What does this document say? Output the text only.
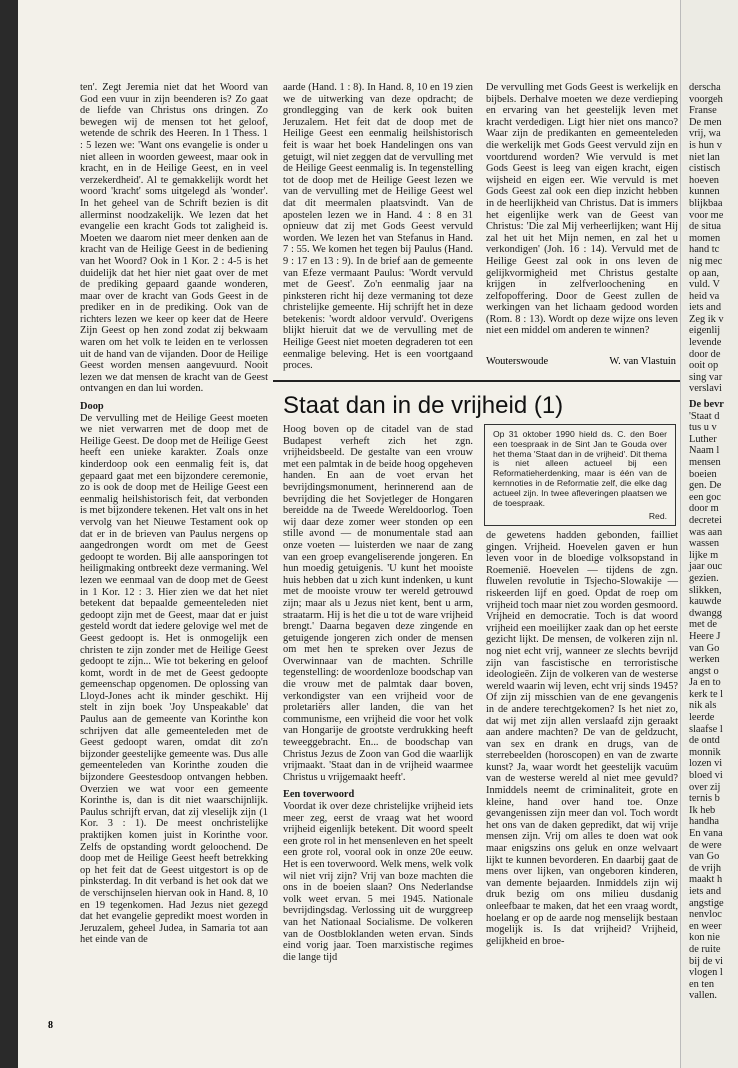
ten'. Zegt Jeremia niet dat het Woord van God een vuur in zijn beenderen is? Zo gaat de liefde van Christus ons dringen. Zo bewegen wij de mensen tot het geloof, wetende de schrik des Heeren. In 1 Thess. 1 : 5 lezen we: 'Want ons evangelie is onder u niet alleen in woorden geweest, maar ook in kracht, en in de Heilige Geest, en in veel verzekerdheid'. Al te gemakkelijk wordt het woord 'kracht' soms uitgelegd als 'wonder'. In het geheel van de Schrift bezien is dit allerminst noodzakelijk. We lezen dat het evangelie een kracht Gods tot zaligheid is. Moeten we daarom niet meer denken aan de kracht van de Heilige Geest in de bediening van het Woord? Ook in 1 Kor. 2 : 4-5 is het duidelijk dat het hier niet gaat over de met de prediking gepaard gaande wonderen, maar over de kracht van Gods Geest in de prediker en in de prediking. Ook van de richters lezen we keer op keer dat de Heere Zijn Geest op hen zond zodat zij bekwaam waren om het volk te leiden en te verlossen uit de hand van de vijanden. Door de Heilige Geest worden mensen aangevuurd. Nooit lezen we dat mensen de kracht van de Geest ontvangen en dan lui worden.

Doop

De vervulling met de Heilige Geest moeten we niet verwarren met de doop met de Heilige Geest. De doop met de Heilige Geest heeft een unieke karakter. Zoals onze kinderdoop ook een eenmalig feit is, dat gepaard gaat met een bijzondere ceremonie, zo is ook de doop met de Heilige Geest een eenmalig heilshistorisch feit, dat verbonden is met bijzondere tekenen. Het valt ons in het vervolg van het Nieuwe Testament ook op dat er in de brieven van Paulus nergens op aangedrongen wordt om met de Geest gedoopt te worden. Bij alle aansporingen tot heiligmaking ontbreekt deze vermaning. Wel lezen we eenmaal van de doop met de Geest in 1 Kor. 12 : 3. Hier zien we dat het niet betekent dat bepaalde gemeenteleden niet gedoopt zijn met de Geest, maar dat er juist gesteld wordt dat iedere gelovige wel met de Geest gedoopt is. Het is onmogelijk een christen te zijn zonder met de Heilige Geest gedoopt te zijn... Wie tot bekering en geloof komt, wordt in de met de Geest gedoopte gemeenschap opgenomen. De oplossing van Lloyd-Jones acht ik minder geschikt. Hij stelt in zijn boek 'Joy Unspeakable' dat Paulus aan de gemeente van Korinthe kon schrijven dat alle gemeenteleden met de Geest gedoopt waren, omdat dit zo'n bijzonder geestelijke gemeente was. Dus alle gemeenteleden van Korinthe zouden die bijzondere Geestesdoop ontvangen hebben. Overzien we wat voor een gemeente Korinthe is, dan is dit niet waarschijnlijk. Paulus schrijft ervan, dat zij vleselijk zijn (1 Kor. 3 : 1). De meest onchristelijke praktijken komen juist in Korinthe voor. Zelfs de opstanding wordt geloochend. De doop met de Heilige Geest heeft betrekking op het feit dat de Geest uitgestort is op de pinksterdag. In dit verband is het ook dat we de verschijnselen hiervan ook in Hand. 8, 10 en 19 tegenkomen. Had Jezus niet gezegd dat het evangelie gepredikt moest worden in Jeruzalem, geheel Judea, in Samaria tot aan het einde van de

aarde (Hand. 1 : 8). In Hand. 8, 10 en 19 zien we de uitwerking van deze opdracht; de grondlegging van de kerk ook buiten Jeruzalem. Het feit dat de doop met de Heilige Geest een eenmalig heilshistorisch feit is waar het boek Handelingen ons van getuigt, wil niet zeggen dat de vervulling met de Heilige Geest eenmalig is. In tegenstelling tot de doop met de Heilige Geest lezen we van de vervulling met de Heilige Geest wel dat dit meermalen plaatsvindt. Van de apostelen lezen we in Hand. 4 : 8 en 31 opnieuw dat zij met Gods Geest vervuld worden. We lezen het van Stefanus in Hand. 7 : 55. We komen het tegen bij Paulus (Hand. 9 : 17 en 13 : 9). In de brief aan de gemeente van Efeze vermaant Paulus: 'Wordt vervuld met de Geest'. Zo'n eenmalig jaar na pinksteren richt hij deze vermaning tot deze christelijke gemeente. Hij schrijft het in deze betekenis: 'wordt aldoor vervuld'. Overigens blijkt hieruit dat we de vervulling met de Heilige Geest niet moeten degraderen tot een eenmalige beleving. Het is een voortgaand proces.

De vervulling met Gods Geest is werkelijk en bijbels. Derhalve moeten we deze verdieping en ervaring van het geestelijk leven met kracht verdedigen. Ligt hier niet ons manco? Waar zijn de predikanten en gemeenteleden die werkelijk met Gods Geest vervuld zijn en voortdurend worden? Wie vervuld is met Gods Geest is leeg van eigen kracht, eigen wijsheid en eigen eer. Wie vervuld is met Gods Geest zal ook een diep inzicht hebben in de heerlijkheid van Christus. Dat is immers het eigenlijke werk van de Geest van Christus: 'Die zal Mij verheerlijken; want Hij zal het uit het Mijn nemen, en zal het u verkondigen' (Joh. 16 : 14). Vervuld met de Heilige Geest zal ook in ons leven de gelijkvormigheid met Christus gestalte krijgen in zelfverloochening en zelfopoffering. Door de Geest zullen de werkingen van het lichaam gedood worden (Rom. 8 : 13). Wordt op deze wijze ons leven niet een middel om anderen te winnen?

Wouterswoude	W. van Vlastuin
Staat dan in de vrijheid (1)

Hoog boven op de citadel van de stad Budapest verheft zich het zgn. vrijheidsbeeld. De gestalte van een vrouw met een palmtak in de beide hoog opgeheven handen. En aan de voet ervan het bevrijdingsmonument, herinnerend aan de bevrijding die het Sovjetleger de Hongaren bereidde na de Tweede Wereldoorlog. Toen wij daar deze zomer weer stonden op een stille avond — de monumentale stad aan onze voeten — luisterden we naar de zang van een groep evangeliserende jongeren. En hun moedig getuigenis. 'U kunt het mooiste huis hebben dat u zich kunt indenken, u kunt met de mooiste vrouw ter wereld getrouwd zijn; maar als u Jezus niet kent, bent u arm, straatarm. Hij is het die u tot de ware vrijheid brengt.' Daarna begaven deze zingende en getuigende jongeren zich onder de mensen om met hen te spreken over Jezus de Overwinnaar van de machten. Schrille tegenstelling: de woordenloze boodschap van die vrouw met de palmtak daar boven, verkondigster van een vrijheid voor de proletariërs aller landen, die van het communisme, een vrijheid die voor het volk van Hongarije de grootste verdrukking heeft teweeggebracht. En... de boodschap van Christus Jezus de Zoon van God die waarlijk vrijmaakt. 'Staat dan in de vrijheid waarmee Christus u vrijgemaakt heeft'.

Een toverwoord

Voordat ik over deze christelijke vrijheid iets meer zeg, eerst de vraag wat het woord vrijheid eigenlijk betekent. Dit woord speelt een grote rol in het mensenleven en het speelt een grote rol, vooral ook in onze 20e eeuw. Het is een toverwoord. Welk mens, welk volk wil niet vrij zijn? Vrij van boze machten die ons in de boeien slaan? Ons Nederlandse volk weet ervan. 5 mei 1945. Nationale bevrijdingsdag. Verlossing uit de wurggreep van het Nationaal Socialisme. De volkeren van de Oostbloklanden weten ervan. Sinds eind vorig jaar. Toen marxistische regimes die lange tijd

Op 31 oktober 1990 hield ds. C. den Boer een toespraak in de Sint Jan te Gouda over het thema 'Staat dan in de vrijheid'. Dit thema is niet alleen actueel bij een Reformatieherdenking, maar is één van de kernnoties in de Reformatie zelf, die elke dag actueel zijn. In twee afleveringen plaatsen we de toespraak.
Red.

de gewetens hadden gebonden, failliet gingen. Vrijheid. Hoevelen gaven er hun leven voor in de bloedige volksopstand in Roemenië. Hoevelen — tijdens de zgn. fluwelen revolutie in Tsjecho-Slowakije — riskeerden lijf en goed. Opdat de roep om vrijheid toch maar niet zou worden gesmoord. Vrijheid en democratie. Toch is dat woord vrijheid een moeilijker zaak dan op het eerste gezicht lijkt. De mensen, de volkeren zijn nl. nog niet echt vrij, wanneer ze slechts bevrijd zijn van fascistische en terroristische ideologieën. Zijn de volkeren van de westerse wereld waarin wij leven, echt vrij sinds 1945? Of zijn zij misschien van de ene gevangenis in de andere terechtgekomen? Is het niet zo, dat wij met zijn allen verslaafd zijn geraakt aan andere machten? De van de geldzucht, van sex en drank en drugs, van de sterrebeelden (horoscopen) en van de zwarte kunst? Ja, waar wordt het geestelijk vacuüm van de westerse wereld al niet mee gevuld? Inmiddels neemt de criminaliteit, grote en kleine, hand over hand toe. Onze gevangenissen zijn meer dan vol. Toch wordt het ons van de daken gepredikt, dat wij vrije mensen zijn. Vrij om alles te doen wat ook maar enigszins ons geluk en onze welvaart lijkt te kunnen bevorderen. En daarbij gaat de mens over lijken, van ongeboren kinderen, van demente bejaarden. Inmiddels zijn wij druk bezig om ons milieu dusdanig onleefbaar te maken, dat het een vraag wordt, hoelang er op de aarde nog menselijk bestaan mogelijk is. Is dat vrijheid? Vrijheid, gelijkheid en broe-

8
derscha
voorgeh
Franse
De men
vrij, wa
is hun v
niet lan
cistisch
hoeven
kunnen
blijkbaa
voor me
de situa
momen
hand tc
nig mec
op aan,
vuld. V
heid va
iets and
Zeg ik v
eigenlij
levende
door de
ooit op
sing var
verslavi
De bevr
'Staat d
tus u v
Luther
Naam l
mensen
boeien
gen. De
een goc
door m
decretei
was aan
wassen
lijke m
jaar ouc
gezien.
slikken,
kauwde
dwangg
met de
Heere J
van Go
werken
angst o
Ja en to
kerk te l
nik als
leerde
slaafse l
de ontd
monnik
lozen vi
bloed vi
over zij
ternis b
Ik heb
handha
En vana
de were
van Go
de vrijh
maakt h
iets and
angstige
nenvloc
en weer
kon nie
de ruite
bij de vi
vlogen l
en ten
vallen.
